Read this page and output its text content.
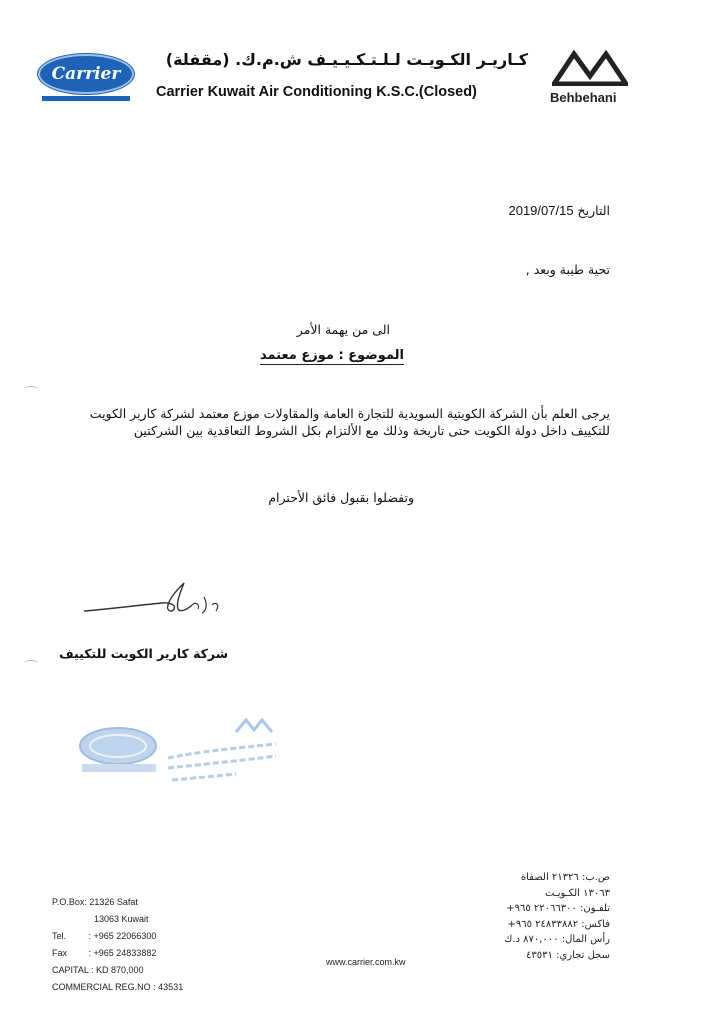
Carrier
كـاريـر الكـويـت لـلـتـكـيـيـف ش.م.ك. (مقفلة)
Carrier Kuwait Air Conditioning K.S.C.(Closed)	Behbehani
التاريخ 2019/07/15
تحية طيبة وبعد ,
الى من يهمة الأمر
الموضوع : موزع معتمد
يرجى العلم بأن الشركة الكويتية السويدية للتجارة العامة والمقاولات موزع معتمد لشركة كارير الكويت
للتكييف داخل دولة الكويت حتى تاريخة وذلك مع الألتزام بكل الشروط التعاقدية بين الشركتين
وتفضلوا بقبول فائق الأحترام
شركة كارير الكويت للتكييف
P.O.Box: 21326 Safat
13063 Kuwait
Tel.	: +965 22066300
Fax : +965 24833882
CAPITAL : KD 870,000
COMMERCIAL REG.NO : 43531
www.carrier.com.kw
ص.ب: ٢١٣٢٦ الصفاة
١٣٠٦٣ الكـويـت
تلفـون: ٢٢٠٦٦٣٠٠ ٩٦٥+
فاكس: ٢٤٨٣٣٨٨٢ ٩٦٥+
رأس المال: ٨٧٠,٠٠٠ د.ك
سجل تجاري: ٤٣٥٣١
